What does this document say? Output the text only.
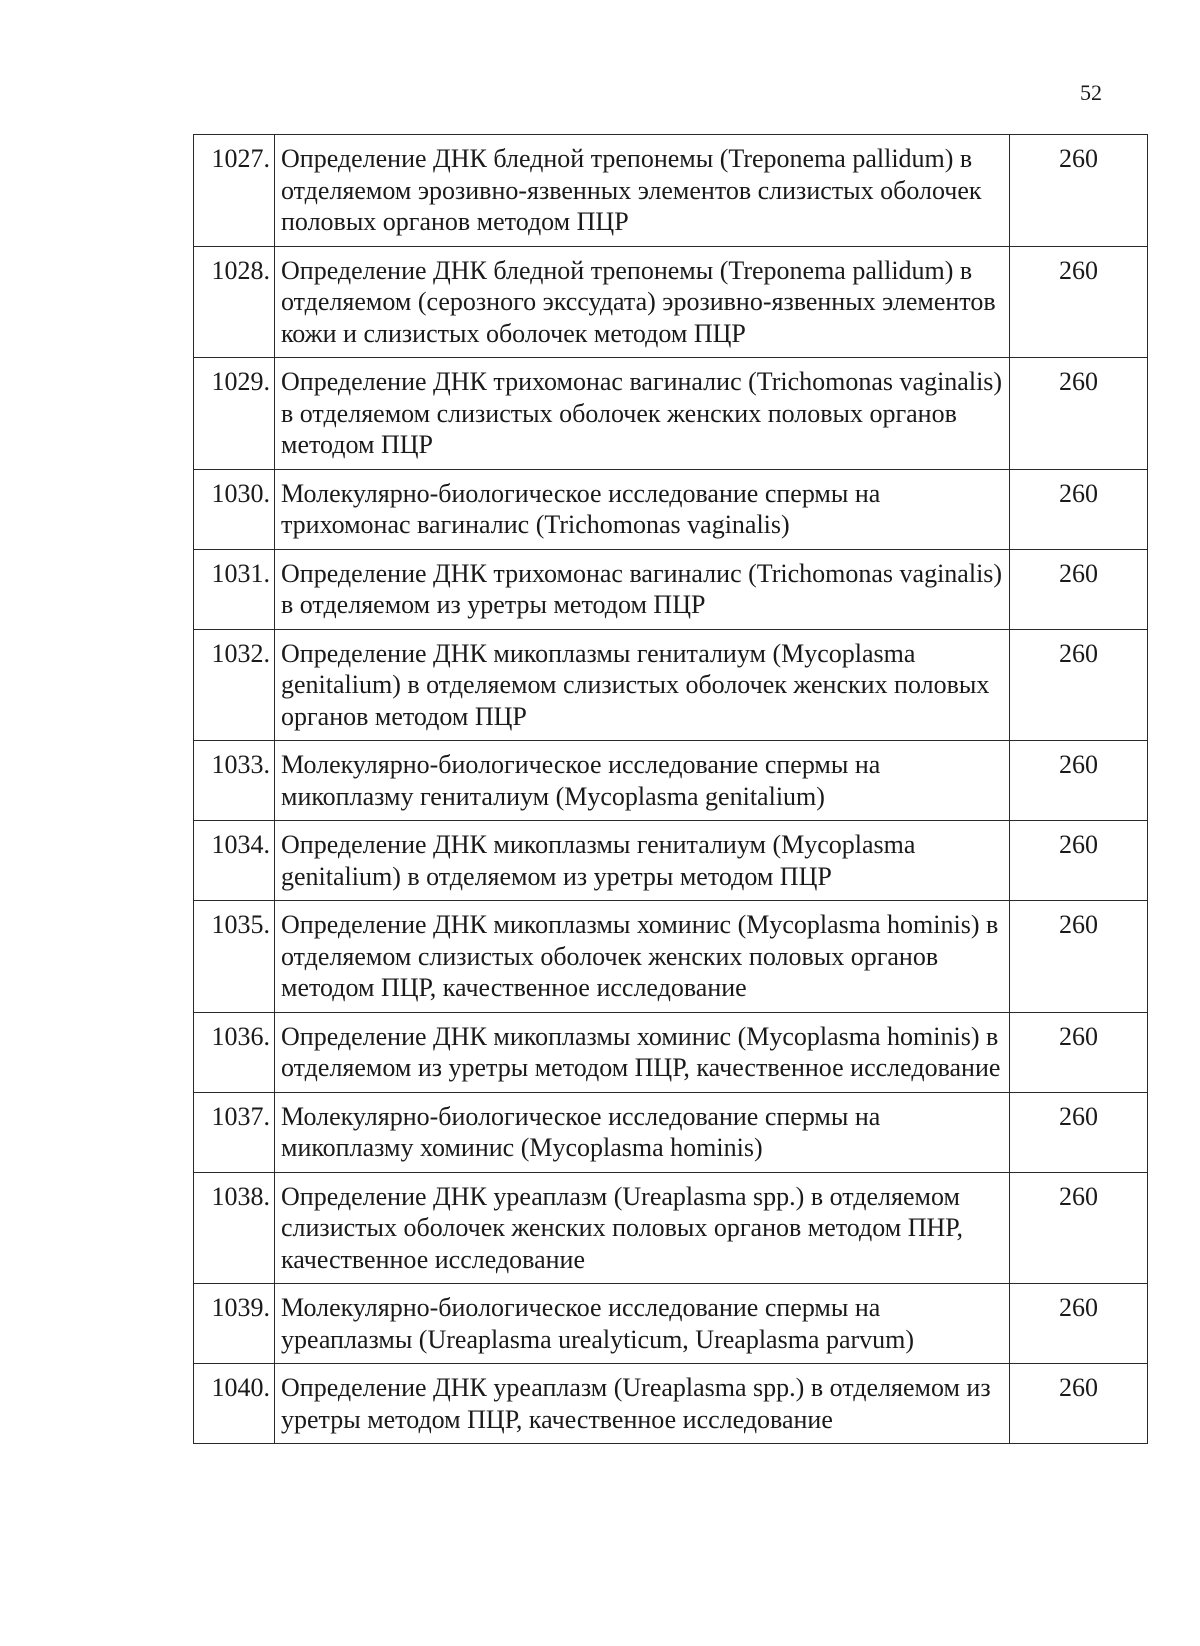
52
1027.	Определение ДНК бледной трепонемы (Treponema pallidum) в отделяемом эрозивно-язвенных элементов слизистых оболочек половых органов методом ПЦР	260
1028.	Определение ДНК бледной трепонемы (Treponema pallidum) в отделяемом (серозного экссудата) эрозивно-язвенных элементов кожи и слизистых оболочек методом ПЦР	260
1029.	Определение ДНК трихомонас вагиналис (Trichomonas vaginalis) в отделяемом слизистых оболочек женских половых органов методом ПЦР	260
1030.	Молекулярно-биологическое исследование спермы на трихомонас вагиналис (Trichomonas vaginalis)	260
1031.	Определение ДНК трихомонас вагиналис (Trichomonas vaginalis) в отделяемом из уретры методом ПЦР	260
1032.	Определение ДНК микоплазмы гениталиум (Mycoplasma genitalium) в отделяемом слизистых оболочек женских половых органов методом ПЦР	260
1033.	Молекулярно-биологическое исследование спермы на микоплазму гениталиум (Mycoplasma genitalium)	260
1034.	Определение ДНК микоплазмы гениталиум (Mycoplasma genitalium) в отделяемом из уретры методом ПЦР	260
1035.	Определение ДНК микоплазмы хоминис (Mycoplasma hominis) в отделяемом слизистых оболочек женских половых органов методом ПЦР, качественное исследование	260
1036.	Определение ДНК микоплазмы хоминис (Mycoplasma hominis) в отделяемом из уретры методом ПЦР, качественное исследование	260
1037.	Молекулярно-биологическое исследование спермы на микоплазму хоминис (Mycoplasma hominis)	260
1038.	Определение ДНК уреаплазм (Ureaplasma spp.) в отделяемом слизистых оболочек женских половых органов методом ПНР, качественное исследование	260
1039.	Молекулярно-биологическое исследование спермы на уреаплазмы (Ureaplasma urealyticum, Ureaplasma parvum)	260
1040.	Определение ДНК уреаплазм (Ureaplasma spp.) в отделяемом из уретры методом ПЦР, качественное исследование	260
